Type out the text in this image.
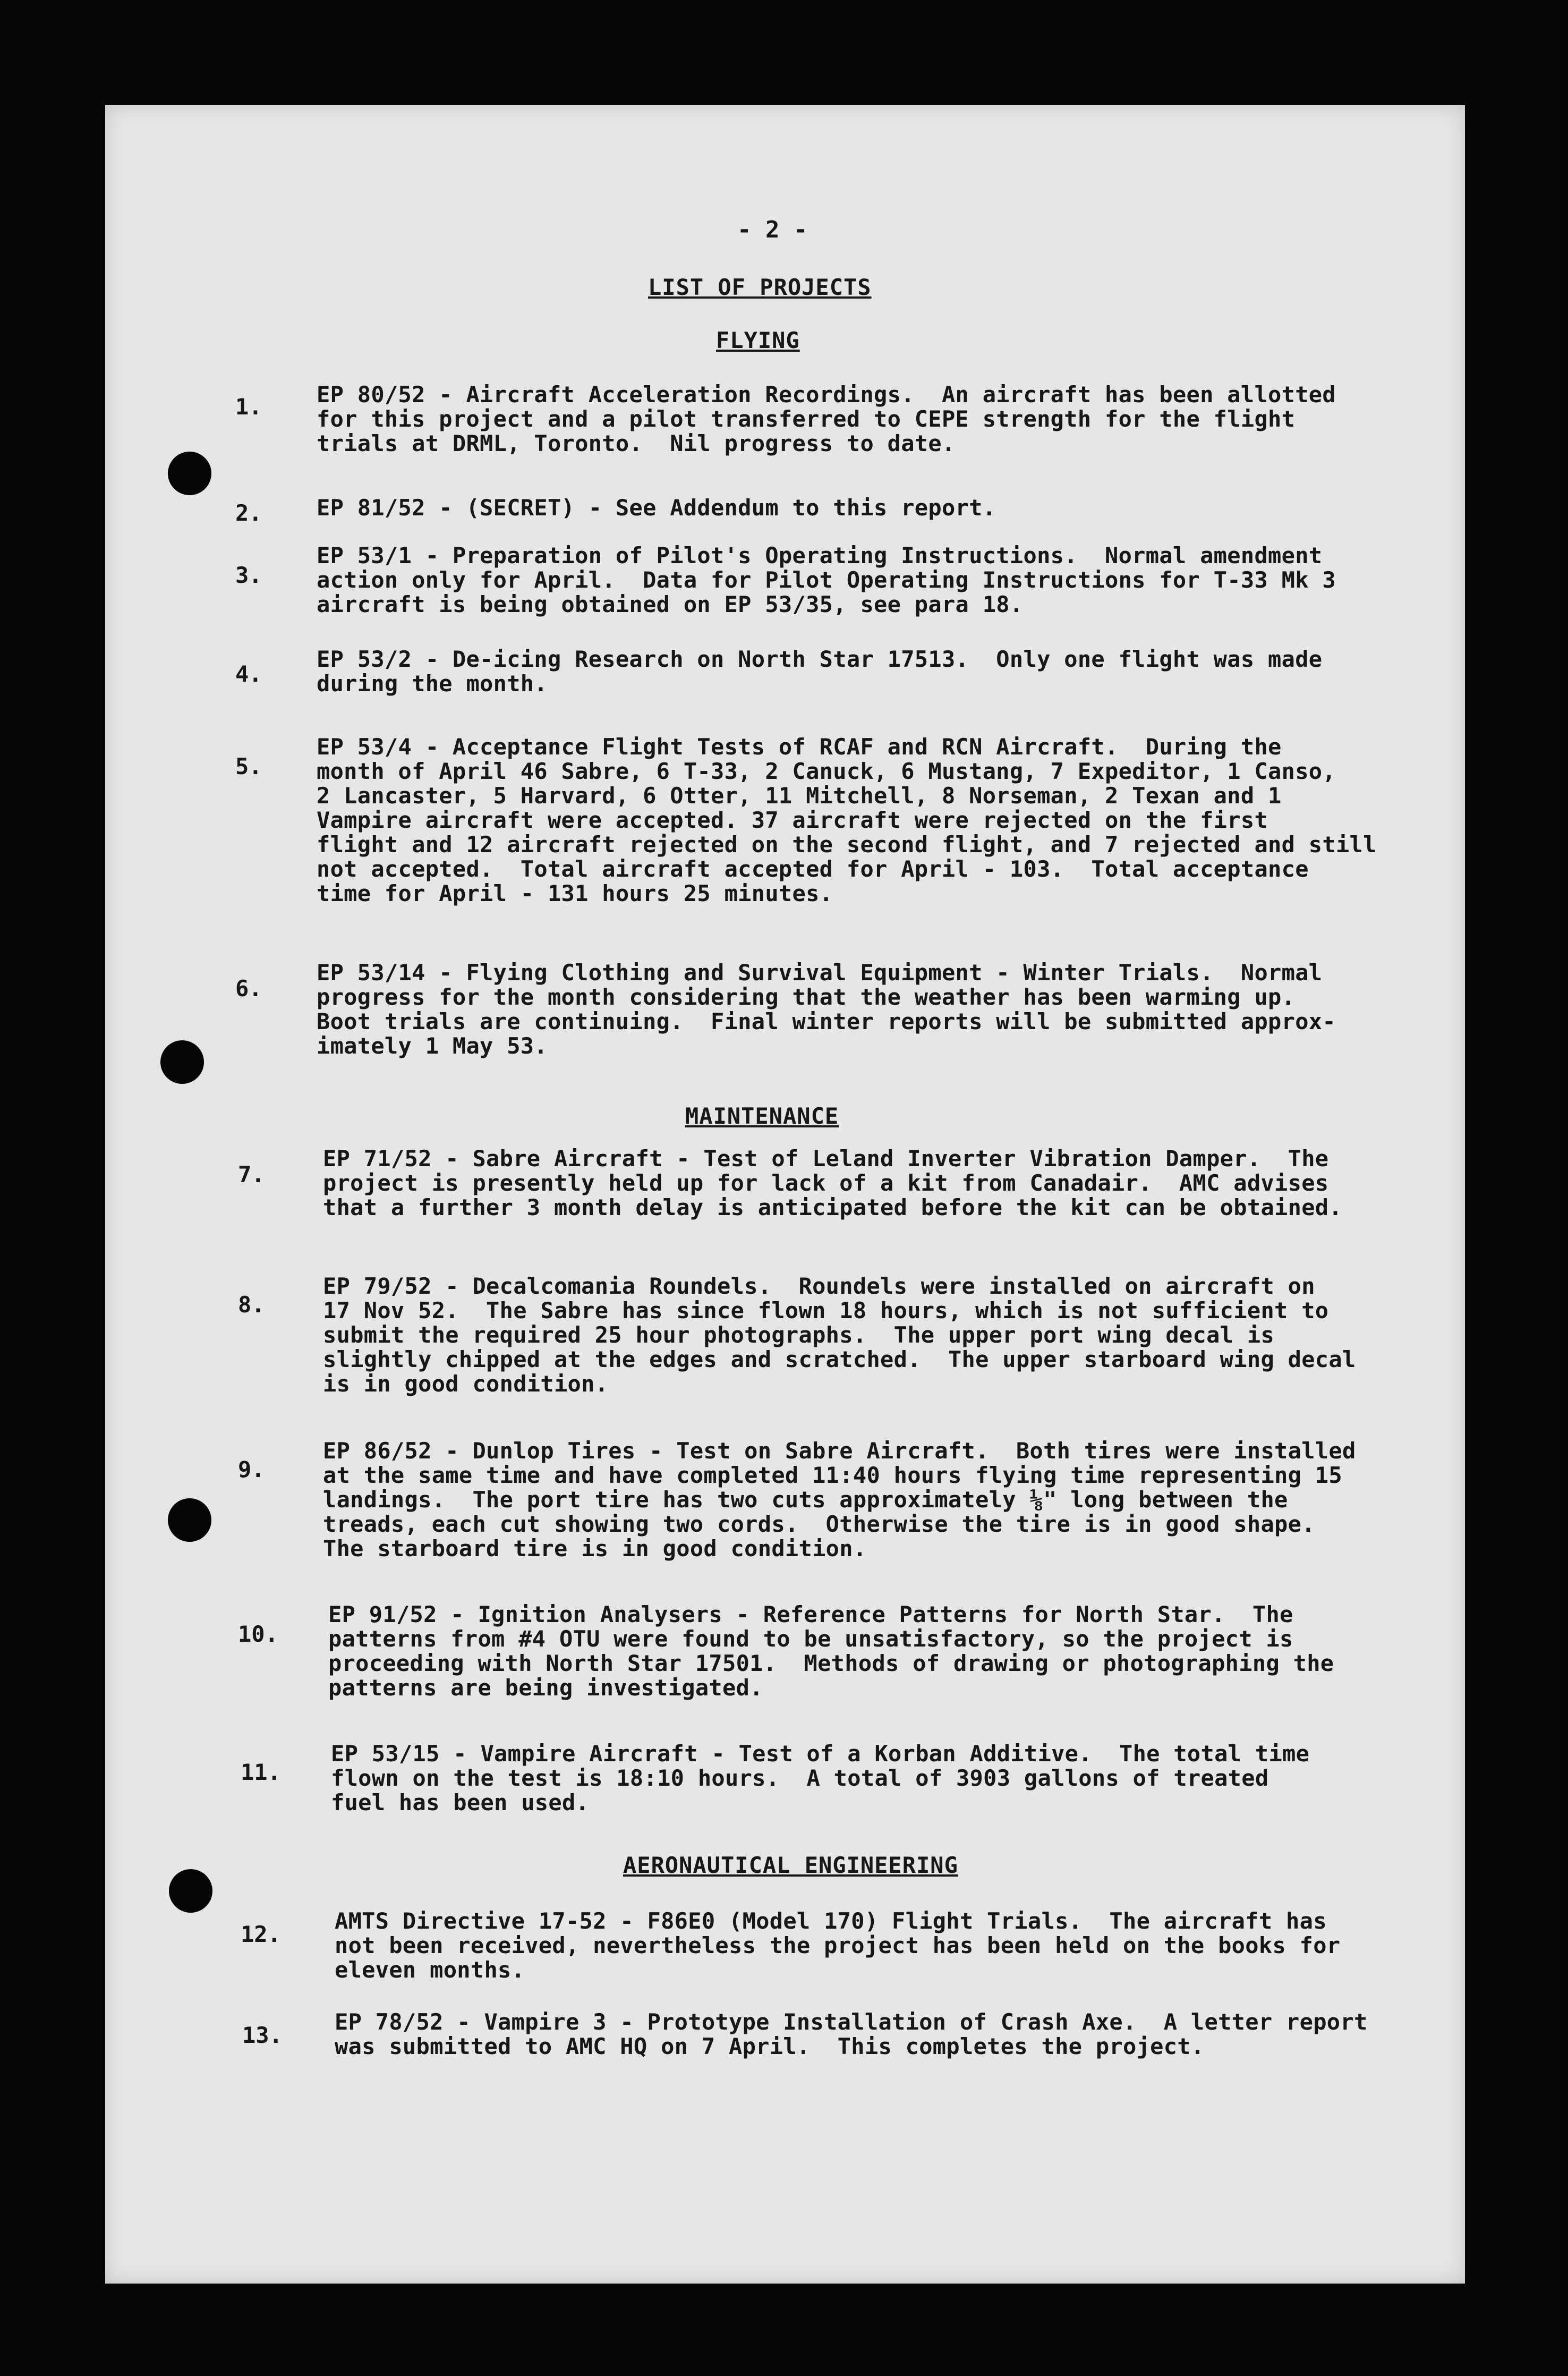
- 2 -
LIST OF PROJECTS
FLYING
1.	EP 80/52 - Aircraft Acceleration Recordings.  An aircraft has been allotted
for this project and a pilot transferred to CEPE strength for the flight
trials at DRML, Toronto.  Nil progress to date.
2.	EP 81/52 - (SECRET) - See Addendum to this report.
3.
EP 53/1 - Preparation of Pilot's Operating Instructions.  Normal amendment
action only for April.  Data for Pilot Operating Instructions for T-33 Mk 3
aircraft is being obtained on EP 53/35, see para 18.
4.
EP 53/2 - De-icing Research on North Star 17513.  Only one flight was made
during the month.
5.
EP 53/4 - Acceptance Flight Tests of RCAF and RCN Aircraft.  During the
month of April 46 Sabre, 6 T-33, 2 Canuck, 6 Mustang, 7 Expeditor, 1 Canso,
2 Lancaster, 5 Harvard, 6 Otter, 11 Mitchell, 8 Norseman, 2 Texan and 1
Vampire aircraft were accepted. 37 aircraft were rejected on the first
flight and 12 aircraft rejected on the second flight, and 7 rejected and still
not accepted.  Total aircraft accepted for April - 103.  Total acceptance
time for April - 131 hours 25 minutes.
6.
EP 53/14 - Flying Clothing and Survival Equipment - Winter Trials.  Normal
progress for the month considering that the weather has been warming up.
Boot trials are continuing.  Final winter reports will be submitted approx-
imately 1 May 53.
MAINTENANCE
7.
EP 71/52 - Sabre Aircraft - Test of Leland Inverter Vibration Damper.  The
project is presently held up for lack of a kit from Canadair.  AMC advises
that a further 3 month delay is anticipated before the kit can be obtained.
8.
EP 79/52 - Decalcomania Roundels.  Roundels were installed on aircraft on
17 Nov 52.  The Sabre has since flown 18 hours, which is not sufficient to
submit the required 25 hour photographs.  The upper port wing decal is
slightly chipped at the edges and scratched.  The upper starboard wing decal
is in good condition.
9.
EP 86/52 - Dunlop Tires - Test on Sabre Aircraft.  Both tires were installed
at the same time and have completed 11:40 hours flying time representing 15
landings.  The port tire has two cuts approximately ⅛" long between the
treads, each cut showing two cords.  Otherwise the tire is in good shape.
The starboard tire is in good condition.
10.
EP 91/52 - Ignition Analysers - Reference Patterns for North Star.  The
patterns from #4 OTU were found to be unsatisfactory, so the project is
proceeding with North Star 17501.  Methods of drawing or photographing the
patterns are being investigated.
11.
EP 53/15 - Vampire Aircraft - Test of a Korban Additive.  The total time
flown on the test is 18:10 hours.  A total of 3903 gallons of treated
fuel has been used.
AERONAUTICAL ENGINEERING
12.
AMTS Directive 17-52 - F86E0 (Model 170) Flight Trials.  The aircraft has
not been received, nevertheless the project has been held on the books for
eleven months.
13.
EP 78/52 - Vampire 3 - Prototype Installation of Crash Axe.  A letter report
was submitted to AMC HQ on 7 April.  This completes the project.
